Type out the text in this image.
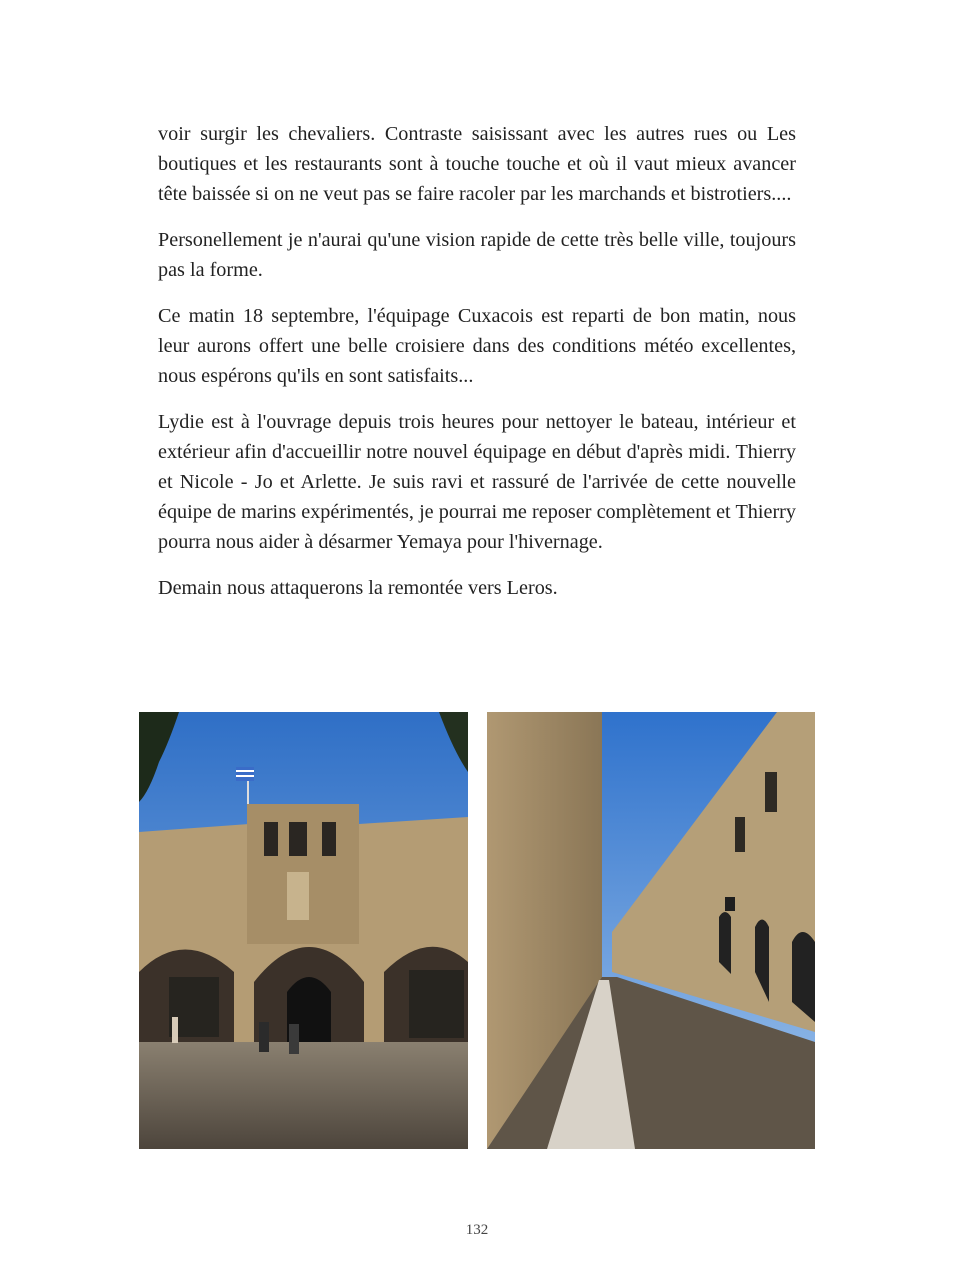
voir surgir les chevaliers. Contraste saisissant avec les autres rues ou Les boutiques et les restaurants sont à touche touche et où il vaut mieux avancer tête baissée si on ne veut pas se faire racoler par les marchands et bistrotiers....

Personellement je n'aurai qu'une vision rapide de cette très belle ville, toujours pas la forme.

Ce matin 18 septembre, l'équipage Cuxacois est reparti de bon matin, nous leur aurons offert une belle croisiere dans des conditions météo excellentes, nous espérons qu'ils en sont satisfaits...

Lydie est à l'ouvrage depuis trois heures pour nettoyer le bateau, intérieur et extérieur afin d'accueillir notre nouvel équipage en début d'après midi. Thierry et Nicole - Jo et Arlette. Je suis ravi et rassuré de l'arrivée de cette nouvelle équipe de marins expérimentés, je pourrai me reposer complètement et Thierry pourra nous aider à désarmer Yemaya pour l'hivernage.

Demain nous attaquerons la remontée vers Leros.

132
